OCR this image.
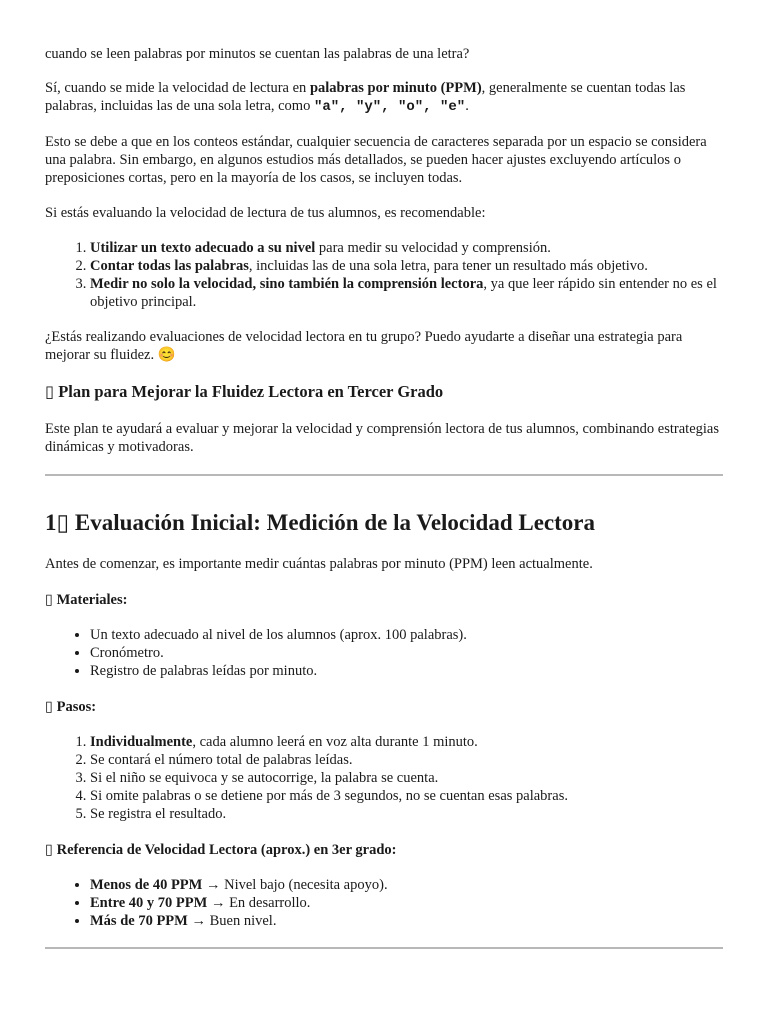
cuando se leen palabras por minutos se cuentan las palabras de una letra?

Sí, cuando se mide la velocidad de lectura en palabras por minuto (PPM), generalmente se cuentan todas las palabras, incluidas las de una sola letra, como "a", "y", "o", "e".

Esto se debe a que en los conteos estándar, cualquier secuencia de caracteres separada por un espacio se considera una palabra. Sin embargo, en algunos estudios más detallados, se pueden hacer ajustes excluyendo artículos o preposiciones cortas, pero en la mayoría de los casos, se incluyen todas.

Si estás evaluando la velocidad de lectura de tus alumnos, es recomendable:

1. Utilizar un texto adecuado a su nivel para medir su velocidad y comprensión.
2. Contar todas las palabras, incluidas las de una sola letra, para tener un resultado más objetivo.
3. Medir no solo la velocidad, sino también la comprensión lectora, ya que leer rápido sin entender no es el objetivo principal.

¿Estás realizando evaluaciones de velocidad lectora en tu grupo? Puedo ayudarte a diseñar una estrategia para mejorar su fluidez. 😊

▯ Plan para Mejorar la Fluidez Lectora en Tercer Grado

Este plan te ayudará a evaluar y mejorar la velocidad y comprensión lectora de tus alumnos, combinando estrategias dinámicas y motivadoras.

1▯ Evaluación Inicial: Medición de la Velocidad Lectora

Antes de comenzar, es importante medir cuántas palabras por minuto (PPM) leen actualmente.

▯ Materiales:

• Un texto adecuado al nivel de los alumnos (aprox. 100 palabras).
• Cronómetro.
• Registro de palabras leídas por minuto.

▯ Pasos:

1. Individualmente, cada alumno leerá en voz alta durante 1 minuto.
2. Se contará el número total de palabras leídas.
3. Si el niño se equivoca y se autocorrige, la palabra se cuenta.
4. Si omite palabras o se detiene por más de 3 segundos, no se cuentan esas palabras.
5. Se registra el resultado.

▯ Referencia de Velocidad Lectora (aprox.) en 3er grado:

• Menos de 40 PPM → Nivel bajo (necesita apoyo).
• Entre 40 y 70 PPM → En desarrollo.
• Más de 70 PPM → Buen nivel.
